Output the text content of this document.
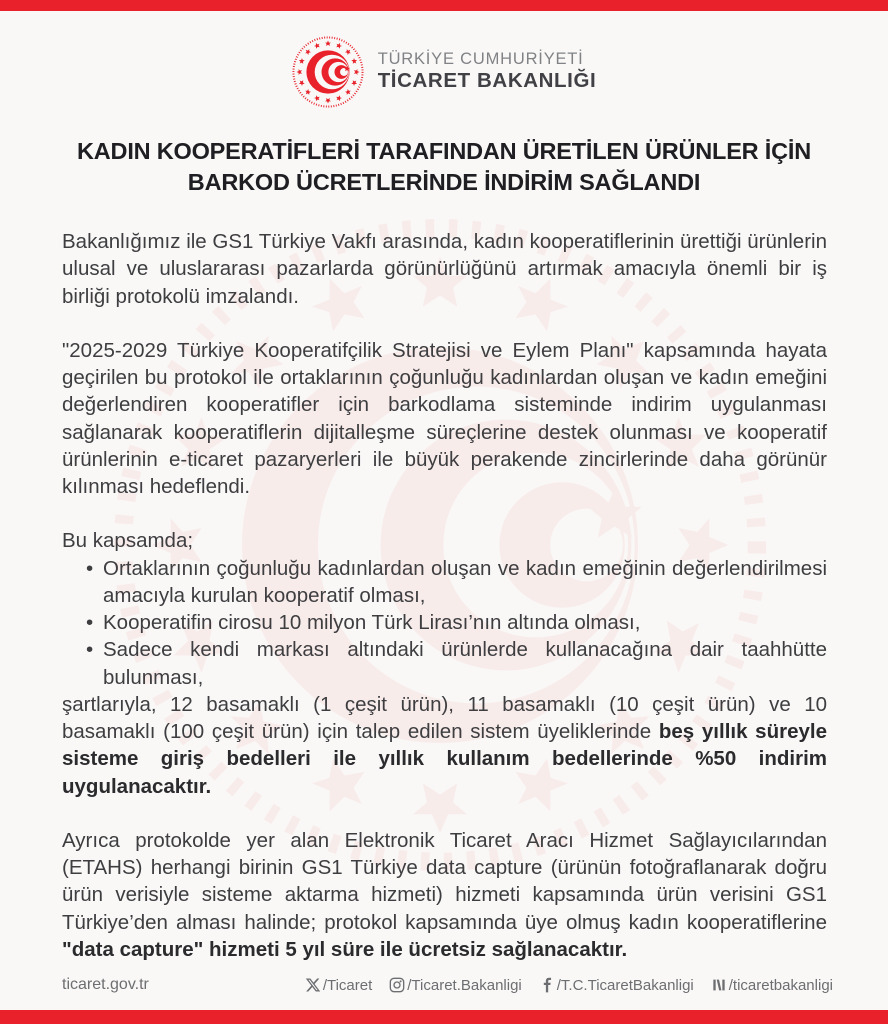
TÜRKİYE CUMHURİYETİ
TİCARET BAKANLIĞI
KADIN KOOPERATİFLERİ TARAFINDAN ÜRETİLEN ÜRÜNLER İÇİN
BARKOD ÜCRETLERİNDE İNDİRİM SAĞLANDI

Bakanlığımız ile GS1 Türkiye Vakfı arasında, kadın kooperatiflerinin ürettiği ürünlerin ulusal ve uluslararası pazarlarda görünürlüğünü artırmak amacıyla önemli bir iş birliği protokolü imzalandı.

"2025-2029 Türkiye Kooperatifçilik Stratejisi ve Eylem Planı" kapsamında hayata geçirilen bu protokol ile ortaklarının çoğunluğu kadınlardan oluşan ve kadın emeğini değerlendiren kooperatifler için barkodlama sisteminde indirim uygulanması sağlanarak kooperatiflerin dijitalleşme süreçlerine destek olunması ve kooperatif ürünlerinin e-ticaret pazaryerleri ile büyük perakende zincirlerinde daha görünür kılınması hedeflendi.

Bu kapsamda;

• Ortaklarının çoğunluğu kadınlardan oluşan ve kadın emeğinin değerlendirilmesi amacıyla kurulan kooperatif olması,
• Kooperatifin cirosu 10 milyon Türk Lirası’nın altında olması,
• Sadece kendi markası altındaki ürünlerde kullanacağına dair taahhütte bulunması,

şartlarıyla, 12 basamaklı (1 çeşit ürün), 11 basamaklı (10 çeşit ürün) ve 10 basamaklı (100 çeşit ürün) için talep edilen sistem üyeliklerinde beş yıllık süreyle sisteme giriş bedelleri ile yıllık kullanım bedellerinde %50 indirim uygulanacaktır.

Ayrıca protokolde yer alan Elektronik Ticaret Aracı Hizmet Sağlayıcılarından (ETAHS) herhangi birinin GS1 Türkiye data capture (ürünün fotoğraflanarak doğru ürün verisiyle sisteme aktarma hizmeti) hizmeti kapsamında ürün verisini GS1 Türkiye’den alması halinde; protokol kapsamında üye olmuş kadın kooperatiflerine "data capture" hizmeti 5 yıl süre ile ücretsiz sağlanacaktır.

ticaret.gov.tr	/Ticaret /Ticaret.Bakanligi /T.C.TicaretBakanligi /ticaretbakanligi
